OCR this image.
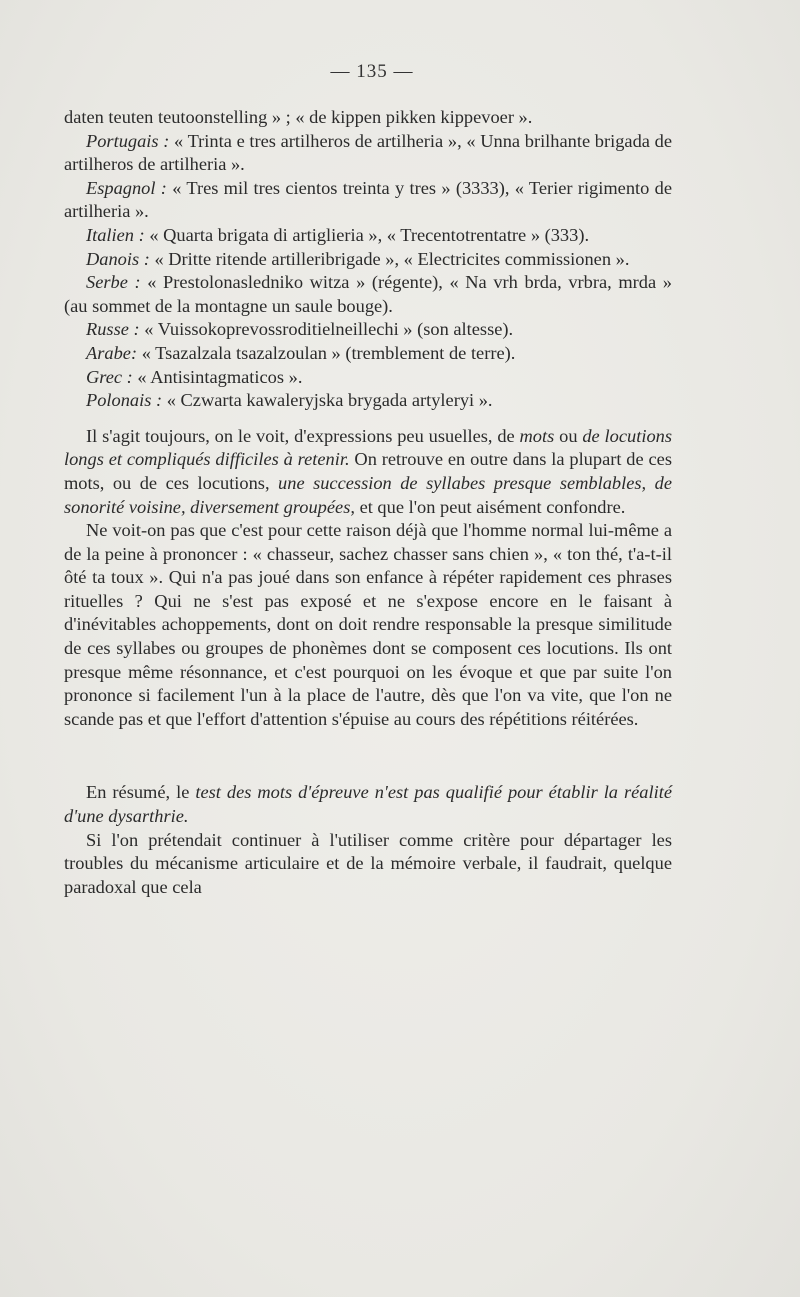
— 135 —

daten teuten teutoonstelling » ; « de kippen pikken kippevoer ».

Portugais : « Trinta e tres artilheros de artilheria », « Unna brilhante brigada de artilheros de artilheria ».

Espagnol : « Tres mil tres cientos treinta y tres » (3333), « Terier rigimento de artilheria ».

Italien : « Quarta brigata di artiglieria », « Trecentotrentatre » (333).

Danois : « Dritte ritende artilleribrigade », « Electricites commissionen ».

Serbe : « Prestolonaslednikо witza » (régente), « Na vrh brda, vrbra, mrda » (au sommet de la montagne un saule bouge).

Russe : « Vuissokoprevossroditielneillechi » (son altesse).

Arabe: « Tsazalzala tsazalzoulan » (tremblement de terre).

Grec : « Antisintagmaticos ».

Polonais : « Czwarta kawaleryjska brygada artyleryi ».

Il s'agit toujours, on le voit, d'expressions peu usuelles, de mots ou de locutions longs et compliqués difficiles à retenir. On retrouve en outre dans la plupart de ces mots, ou de ces locutions, une succession de syllabes presque semblables, de sonorité voisine, diversement groupées, et que l'on peut aisément confondre.

Ne voit-on pas que c'est pour cette raison déjà que l'homme normal lui-même a de la peine à prononcer : « chasseur, sachez chasser sans chien », « ton thé, t'a-t-il ôté ta toux ». Qui n'a pas joué dans son enfance à répéter rapidement ces phrases rituelles ? Qui ne s'est pas exposé et ne s'expose encore en le faisant à d'inévitables achoppements, dont on doit rendre responsable la presque similitude de ces syllabes ou groupes de phonèmes dont se composent ces locutions. Ils ont presque même résonnance, et c'est pourquoi on les évoque et que par suite l'on prononce si facilement l'un à la place de l'autre, dès que l'on va vite, que l'on ne scande pas et que l'effort d'attention s'épuise au cours des répétitions réitérées.

En résumé, le test des mots d'épreuve n'est pas qualifié pour établir la réalité d'une dysarthrie.

Si l'on prétendait continuer à l'utiliser comme critère pour départager les troubles du mécanisme articulaire et de la mémoire verbale, il faudrait, quelque paradoxal que cela
